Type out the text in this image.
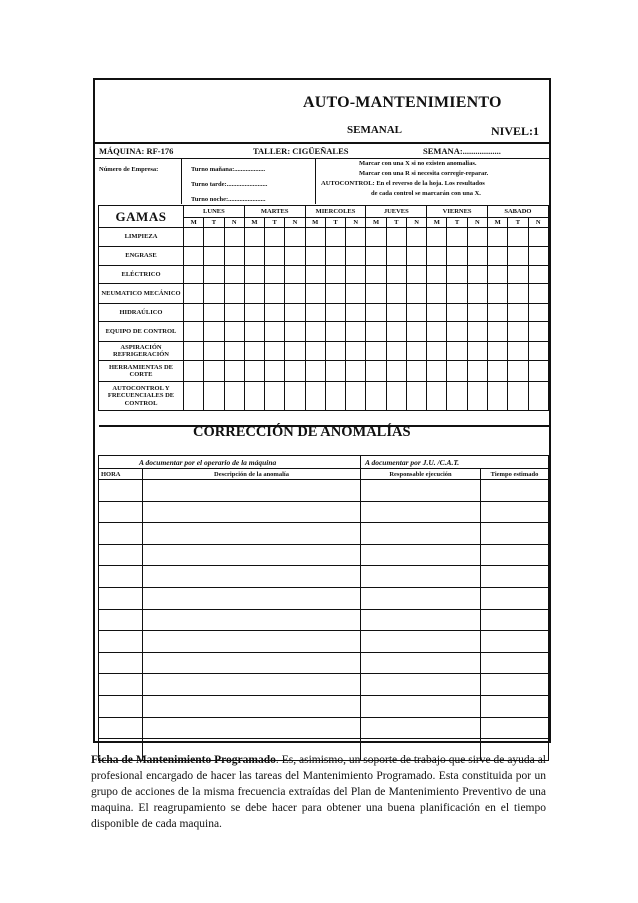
AUTO-MANTENIMIENTO
SEMANAL	NIVEL:1
MÁQUINA: RF-176	TALLER: CIGÜEÑALES	SEMANA:..................
Número de Empresa:	Turno mañana:...................
Turno tarde:.........................
Turno noche:.......................
Marcar con una X si no existen anomalias.
Marcar con una R si necesita corregir-reparar.
AUTOCONTROL: En el reverso de la hoja. Los resultados
de cada control se marcarán con una X.
GAMAS	LUNES			MARTES			MIERCOLES			JUEVES			VIERNES			SABADO		
	M	T	N	M	T	N	M	T	N	M	T	N	M	T	N	M	T	N
LIMPIEZA																		
ENGRASE																		
ELÉCTRICO																		
NEUMATICO MECÁNICO																		
HIDRAÚLICO																		
EQUIPO DE CONTROL																		
ASPIRACIÓN REFRIGERACIÓN																		
HERRAMIENTAS DE CORTE																		
AUTOCONTROL Y FRECUENCIALES DE CONTROL																		
CORRECCIÓN DE ANOMALÍAS

A documentar por el operario de la máquina		A documentar por J.U. /C.A.T.	
HORA	Descripción de la anomalía	Responsable ejecución	Tiempo estimado

Ficha de Mantenimiento Programado. Es, asimismo, un soporte de trabajo que sirve de ayuda al profesional encargado de hacer las tareas del Mantenimiento Programado. Esta constituida por un grupo de acciones de la misma frecuencia extraídas del Plan de Mantenimiento Preventivo de una maquina. El reagrupamiento se debe hacer para obtener una buena planificación en el tiempo disponible de cada maquina.
